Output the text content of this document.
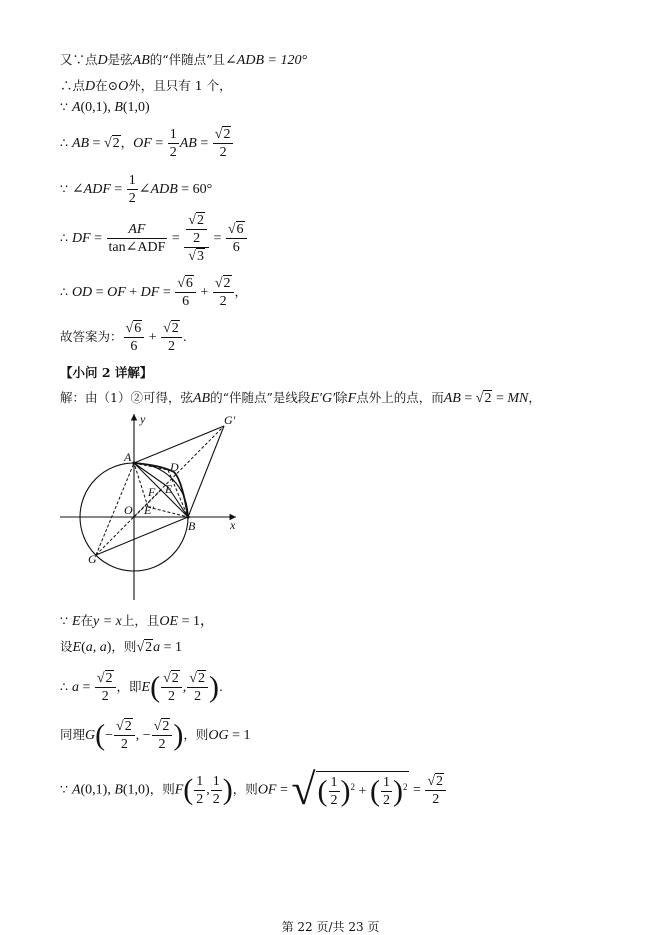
又∵点D是弦AB的“伴随点”且∠ADB = 120°
∴点D在⊙O外，且只有 1 个，
∵ A(0,1), B(1,0)
∴ AB = √2，OF = $\frac{1}{2}$ AB = $\frac{√2}{2}$
∵ ∠ADF = $\frac{1}{2}$ ∠ADB = 60°
∴ DF = $\frac{AF}{\text{tan∠ADF}} = \frac{\frac{√2}{2}}{√3} = \frac{√6}{6}$
∴ OD = OF + DF = $\frac{√6}{6} + \frac{√2}{2}$ ，
故答案为： $\frac{√6}{6} + \frac{√2}{2}$ .
【小问 2 详解】
解：由（1）②可得，弦AB的“伴随点”是线段E′G′除F点外上的点，而AB = √2 = MN，
y
x
A
B
O
D
E
F
E′
G
G′
∵ E在y = x上，且OE = 1，
设E(a, a)，则√2a = 1
∴ $a = \frac{√2}{2}$ ，即$E( \frac{√2}{2}$ , $\frac{√2}{2}$ ).
同理$G(- \frac{√2}{2}$ , − $\frac{√2}{2}$ )，则OG = 1
∵ A(0,1), B(1,0)，则$F( \frac{1}{2}$ , $\frac{1}{2}$ )，则OF = √( $\frac{1}{2} )^2$ + ( $\frac{1}{2} )^2 = \frac{√2}{2}$
第 22 页/共 23 页
